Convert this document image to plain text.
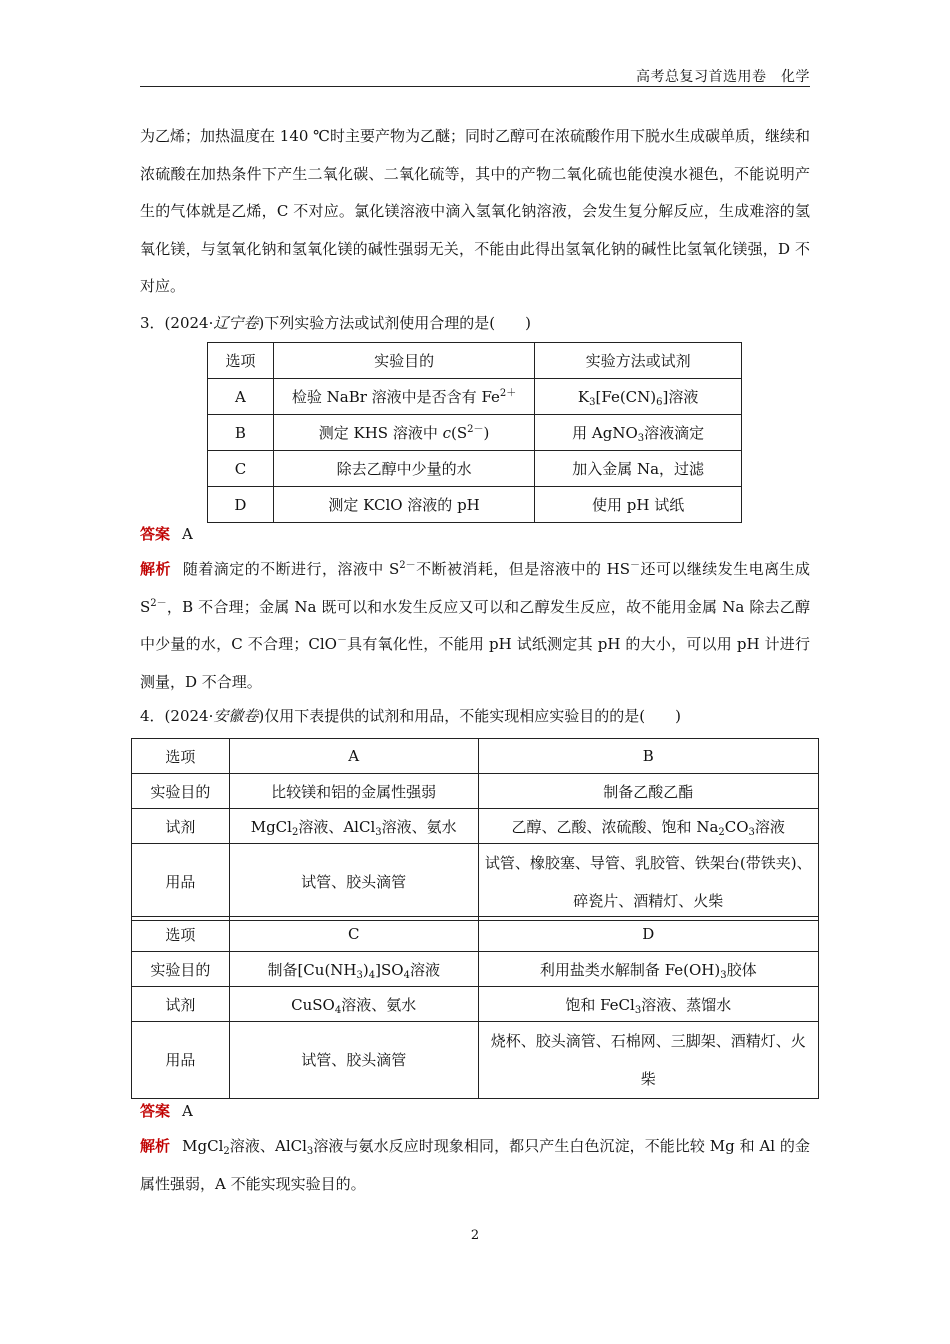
高考总复习首选用卷　化学
为乙烯；加热温度在 140 ℃时主要产物为乙醚；同时乙醇可在浓硫酸作用下脱水生成碳单质，继续和浓硫酸在加热条件下产生二氧化碳、二氧化硫等，其中的产物二氧化硫也能使溴水褪色，不能说明产生的气体就是乙烯，C 不对应。氯化镁溶液中滴入氢氧化钠溶液，会发生复分解反应，生成难溶的氢氧化镁，与氢氧化钠和氢氧化镁的碱性强弱无关，不能由此得出氢氧化钠的碱性比氢氧化镁强，D 不对应。
3．(2024·辽宁卷)下列实验方法或试剂使用合理的是(　　)
选项	实验目的	实验方法或试剂
A	检验 NaBr 溶液中是否含有 $Fe^{2+}$	$K_3[Fe(CN)_6]$溶液
B	测定 KHS 溶液中 $c(S^{2-})$	用 AgNO$_3$溶液滴定
C	除去乙醇中少量的水	加入金属 Na，过滤
D	测定 KClO 溶液的 pH	使用 pH 试纸
答案 A
解析 随着滴定的不断进行，溶液中 $S^{2-}$不断被消耗，但是溶液中的 HS－还可以继续发生电离生成 $S^{2-}$，B 不合理；金属 Na 既可以和水发生反应又可以和乙醇发生反应，故不能用金属 Na 除去乙醇中少量的水，C 不合理；ClO－具有氧化性，不能用 pH 试纸测定其 pH 的大小，可以用 pH 计进行测量，D 不合理。
4．(2024·安徽卷)仅用下表提供的试剂和用品，不能实现相应实验目的的是(　　)
选项	A	B
实验目的	比较镁和铝的金属性强弱	制备乙酸乙酯
试剂	MgCl$_2$溶液、AlCl$_3$溶液、氨水	乙醇、乙酸、浓硫酸、饱和 $Na_2CO_3$溶液
用品	试管、胶头滴管	试管、橡胶塞、导管、乳胶管、铁架台(带铁夹)、碎瓷片、酒精灯、火柴
选项	C	D
实验目的	制备$[Cu(NH_3)_4]SO_4$溶液	利用盐类水解制备 $Fe(OH)_3$胶体
试剂	CuSO$_4$溶液、氨水	饱和 FeCl$_3$溶液、蒸馏水
用品	试管、胶头滴管	烧杯、胶头滴管、石棉网、三脚架、酒精灯、火柴
答案 A
解析 MgCl$_2$溶液、AlCl$_3$溶液与氨水反应时现象相同，都只产生白色沉淀，不能比较 Mg 和 Al 的金属性强弱，A 不能实现实验目的。
2
